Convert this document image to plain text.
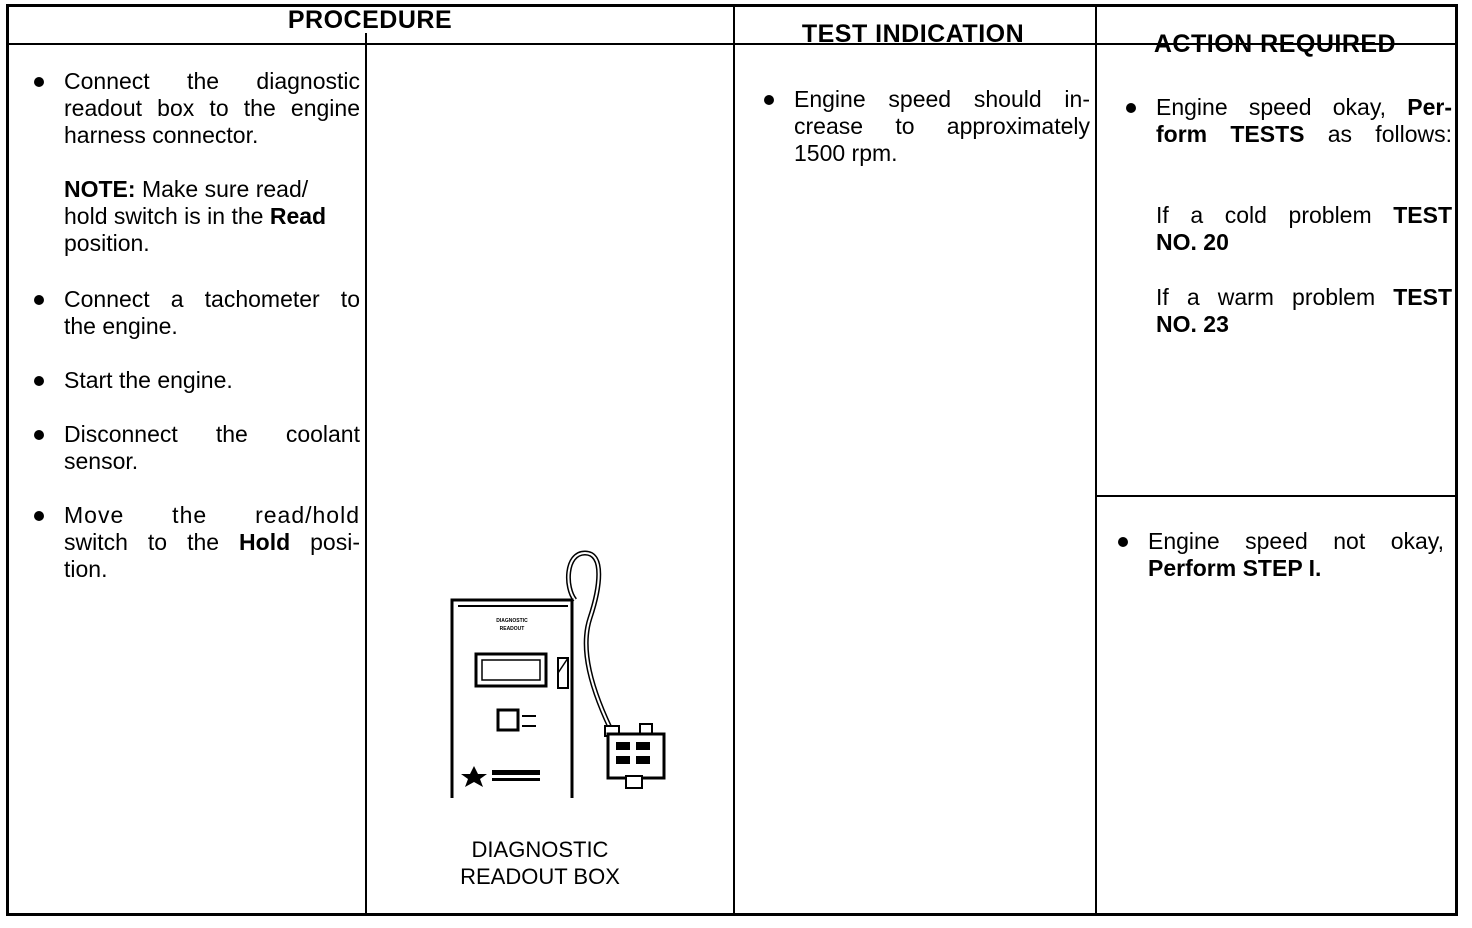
PROCEDURE	TEST INDICATION	ACTION REQUIRED
Connect the diagnostic
readout box to the engine
harness connector.
NOTE: Make sure read/
hold switch is in the Read
position.
Connect a tachometer to
the engine.
Start the engine.
Disconnect the coolant
sensor.
Move the read/hold
switch to the Hold posi-
tion.
DIAGNOSTIC
READOUT
DIAGNOSTIC
READOUT BOX
Engine speed should in-
crease to approximately
1500 rpm.
Engine speed okay, Per-
form TESTS as follows:
If a cold problem TEST
NO. 20
If a warm problem TEST
NO. 23
Engine speed not okay,
Perform STEP I.
